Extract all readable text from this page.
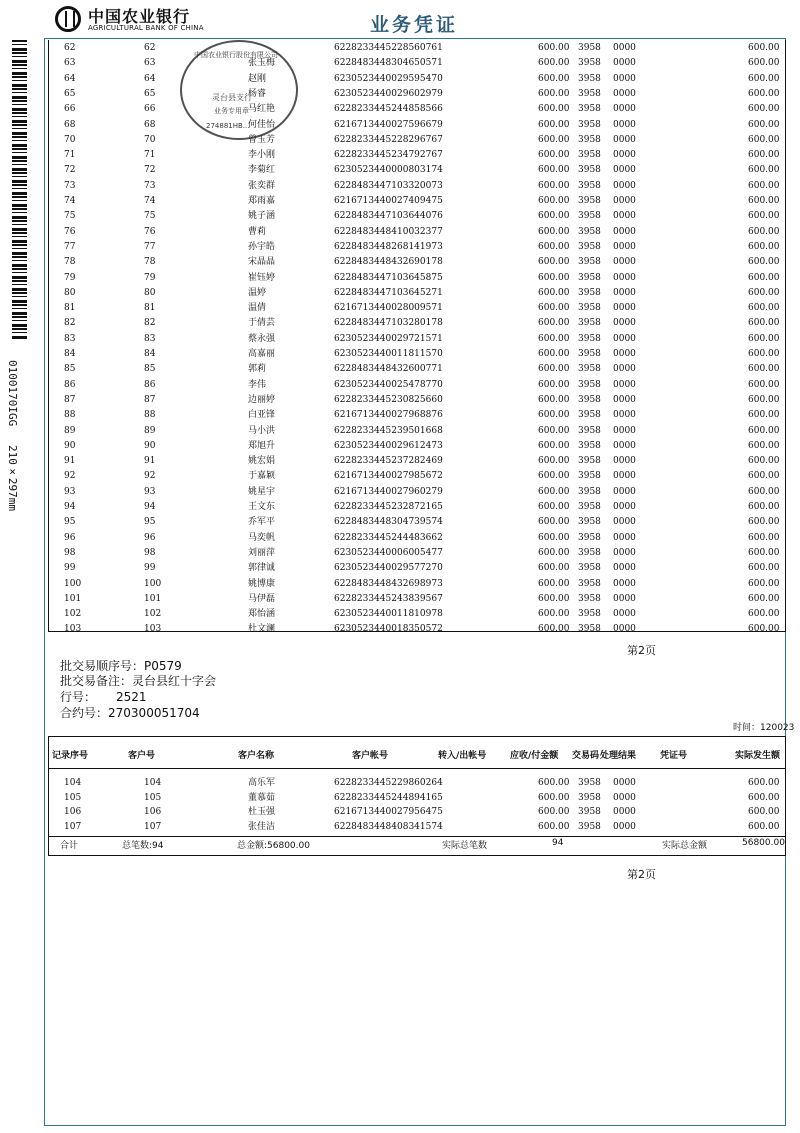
中国农业银行
AGRICULTURAL BANK OF CHINA	业务凭证
0100170IGG
210×297mm
62	62	6228233445228560761	600.00 3958 0000	600.00
63	63	张玉梅	6228483448304650571	600.00 3958 0000	600.00
64	64	赵刚	6230523440029595470	600.00 3958 0000	600.00
65	65	杨睿	6230523440029602979	600.00 3958 0000	600.00
66	66	马红艳	6228233445244858566	600.00 3958 0000	600.00
68	68	何佳怡	6216713440027596679	600.00 3958 0000	600.00
70	70	曾玉芳	6228233445228296767	600.00 3958 0000	600.00
71	71	李小刚	6228233445234792767	600.00 3958 0000	600.00
72	72	李菊红	6230523440000803174	600.00 3958 0000	600.00
73	73	张奕群	6228483447103320073	600.00 3958 0000	600.00
74	74	郑雨嘉	6216713440027409475	600.00 3958 0000	600.00
75	75	姚子涵	6228483447103644076	600.00 3958 0000	600.00
76	76	曹莉	6228483448410032377	600.00 3958 0000	600.00
77	77	孙宇皓	6228483448268141973	600.00 3958 0000	600.00
78	78	宋晶晶	6228483448432690178	600.00 3958 0000	600.00
79	79	崔钰婷	6228483447103645875	600.00 3958 0000	600.00
80	80	温婷	6228483447103645271	600.00 3958 0000	600.00
81	81	温倩	6216713440028009571	600.00 3958 0000	600.00
82	82	于倩芸	6228483447103280178	600.00 3958 0000	600.00
83	83	蔡永强	6230523440029721571	600.00 3958 0000	600.00
84	84	高嘉丽	6230523440011811570	600.00 3958 0000	600.00
85	85	郭莉	6228483448432600771	600.00 3958 0000	600.00
86	86	李伟	6230523440025478770	600.00 3958 0000	600.00
87	87	边丽婷	6228233445230825660	600.00 3958 0000	600.00
88	88	白亚锋	6216713440027968876	600.00 3958 0000	600.00
89	89	马小洪	6228233445239501668	600.00 3958 0000	600.00
90	90	郑旭升	6230523440029612473	600.00 3958 0000	600.00
91	91	姚宏娟	6228233445237282469	600.00 3958 0000	600.00
92	92	于嘉颖	6216713440027985672	600.00 3958 0000	600.00
93	93	姚星宇	6216713440027960279	600.00 3958 0000	600.00
94	94	王文东	6228233445232872165	600.00 3958 0000	600.00
95	95	乔军平	6228483448304739574	600.00 3958 0000	600.00
96	96	马奕帆	6228233445244483662	600.00 3958 0000	600.00
98	98	刘丽萍	6230523440006005477	600.00 3958 0000	600.00
99	99	郭律诚	6230523440029577270	600.00 3958 0000	600.00
100	100	姚博康	6228483448432698973	600.00 3958 0000	600.00
101	101	马伊磊	6228233445243839567	600.00 3958 0000	600.00
102	102	郑怡涵	6230523440011810978	600.00 3958 0000	600.00
103	103	杜文澜	6230523440018350572	600.00 3958 0000	600.00
中国农业银行股份有限公司
灵台县支行
业务专用章
274881HB...
第2页
批交易顺序号：P0579
批交易备注：灵台县红十字会
行号： 2521
合约号：270300051704
时间：120023
记录序号	客户号	客户名称	客户帐号	转入/出帐号	应收/付金额 交易码 处理结果	凭证号	实际发生额
104	104	高乐军	6228233445229860264	600.00 3958 0000	600.00
105	105	董慕茹	6228233445244894165	600.00 3958 0000	600.00
106	106	杜玉强	6216713440027956475	600.00 3958 0000	600.00
107	107	张佳洁	6228483448408341574	600.00 3958 0000	600.00
合计	总笔数:94	总金额:56800.00	实际总笔数	94	实际总金额	56800.00
第2页
